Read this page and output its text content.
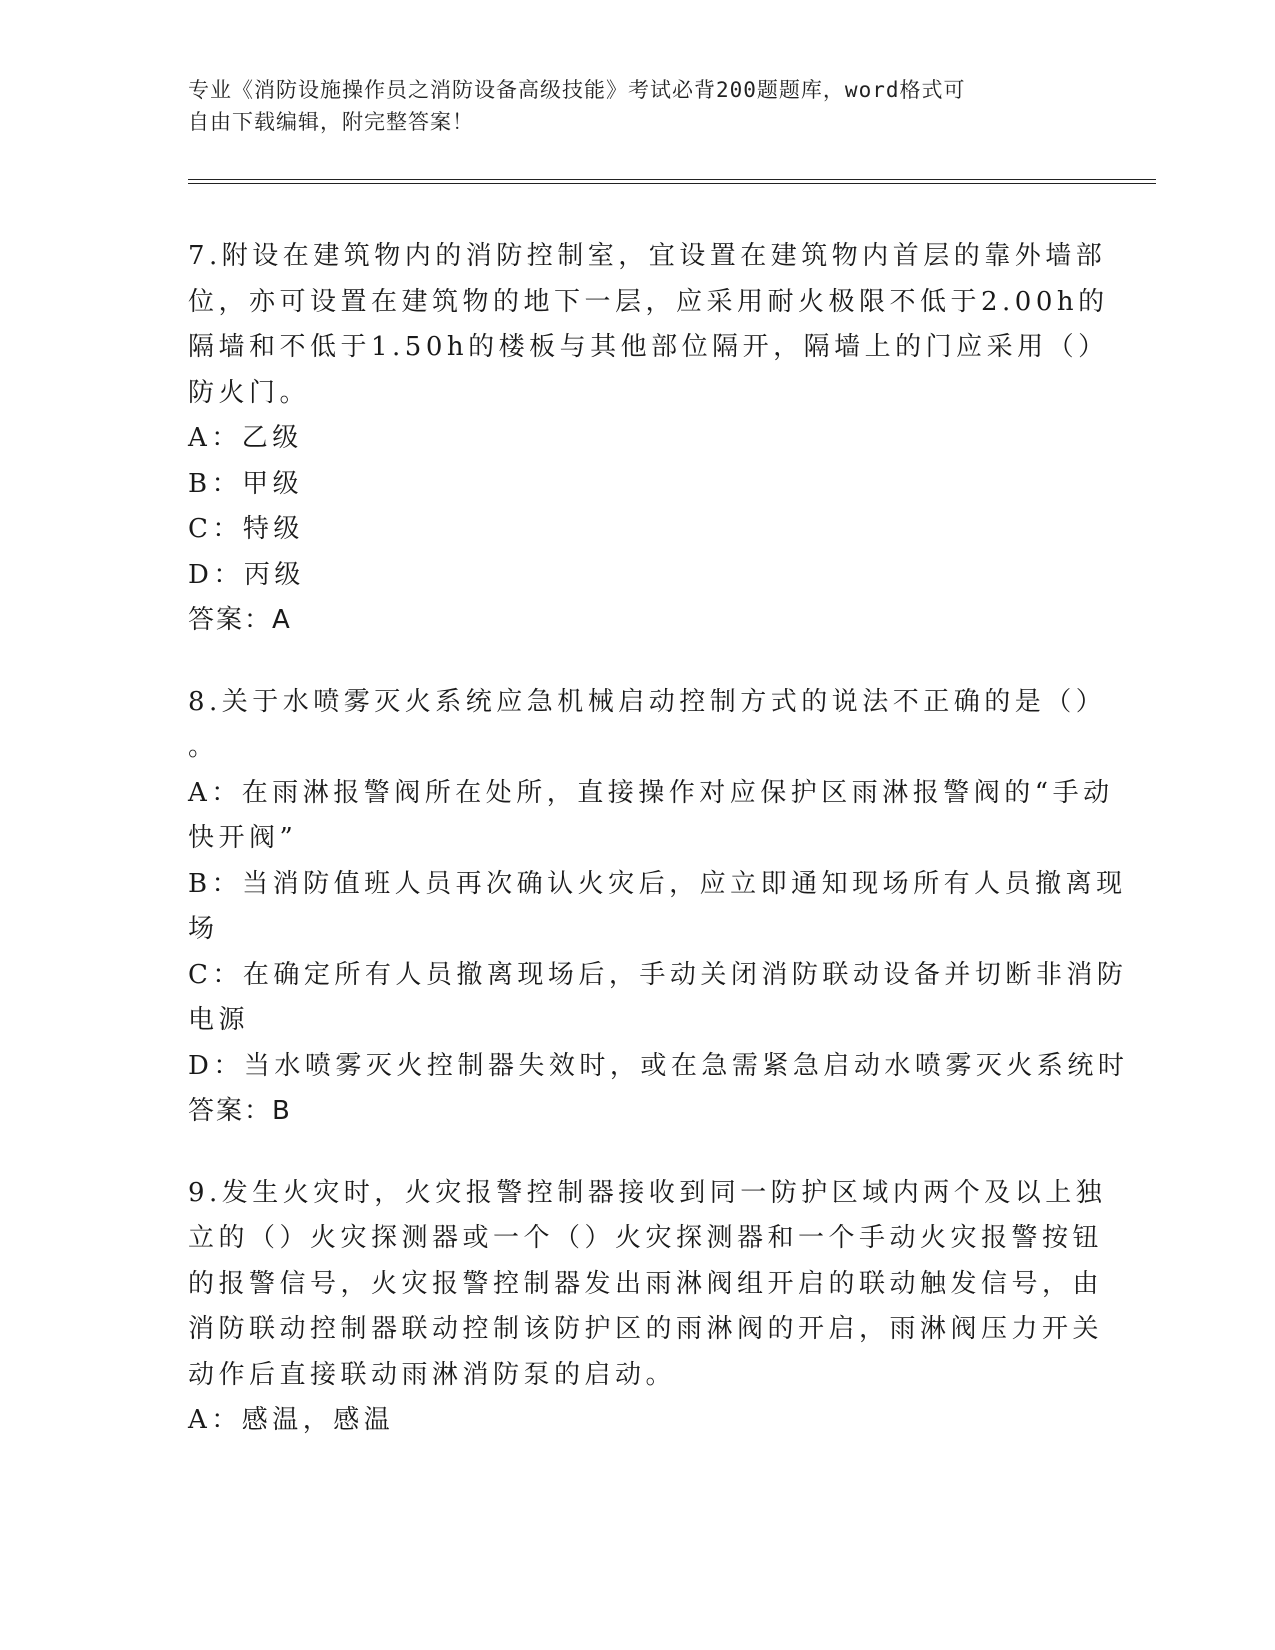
专业《消防设施操作员之消防设备高级技能》考试必背200题题库，word格式可
自由下载编辑，附完整答案！
7.附设在建筑物内的消防控制室，宜设置在建筑物内首层的靠外墙部
位，亦可设置在建筑物的地下一层，应采用耐火极限不低于2.00h的
隔墙和不低于1.50h的楼板与其他部位隔开，隔墙上的门应采用（）
防火门。
A：乙级
B：甲级
C：特级
D：丙级
答案：A
8.关于水喷雾灭火系统应急机械启动控制方式的说法不正确的是（）
。
A：在雨淋报警阀所在处所，直接操作对应保护区雨淋报警阀的“手动
快开阀”
B：当消防值班人员再次确认火灾后，应立即通知现场所有人员撤离现
场
C：在确定所有人员撤离现场后，手动关闭消防联动设备并切断非消防
电源
D：当水喷雾灭火控制器失效时，或在急需紧急启动水喷雾灭火系统时
答案：B
9.发生火灾时，火灾报警控制器接收到同一防护区域内两个及以上独
立的（）火灾探测器或一个（）火灾探测器和一个手动火灾报警按钮
的报警信号，火灾报警控制器发出雨淋阀组开启的联动触发信号，由
消防联动控制器联动控制该防护区的雨淋阀的开启，雨淋阀压力开关
动作后直接联动雨淋消防泵的启动。
A：感温，感温
